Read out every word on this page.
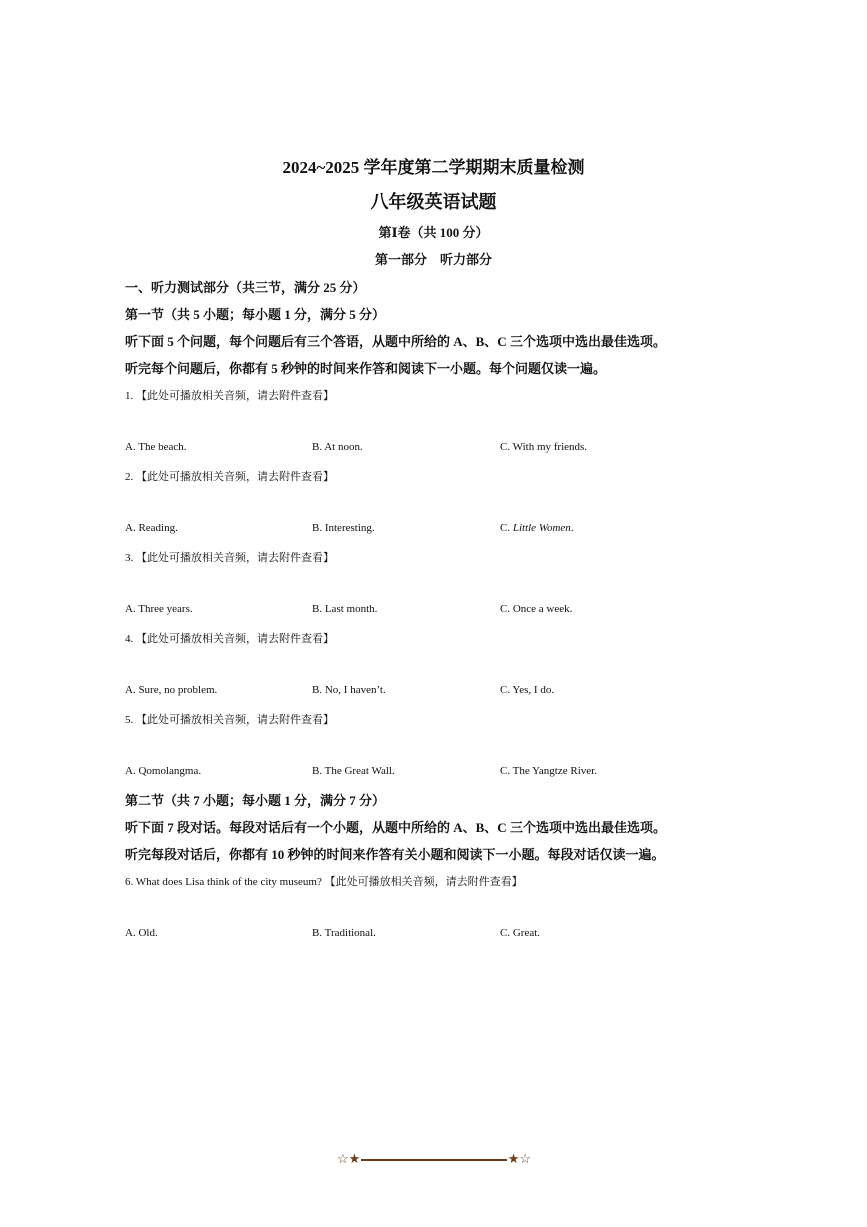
2024~2025 学年度第二学期期末质量检测
八年级英语试题
第Ⅰ卷（共 100 分）
第一部分　听力部分
一、听力测试部分（共三节，满分 25 分）
第一节（共 5 小题；每小题 1 分，满分 5 分）
听下面 5 个问题，每个问题后有三个答语，从题中所给的 A、B、C 三个选项中选出最佳选项。
听完每个问题后，你都有 5 秒钟的时间来作答和阅读下一小题。每个问题仅读一遍。
1. 【此处可播放相关音频，请去附件查看】
A. The beach.	B. At noon.	C. With my friends.
2. 【此处可播放相关音频，请去附件查看】
A. Reading.	B. Interesting.	C. Little Women.
3. 【此处可播放相关音频，请去附件查看】
A. Three years.	B. Last month.	C. Once a week.
4. 【此处可播放相关音频，请去附件查看】
A. Sure, no problem.	B. No, I haven’t.	C. Yes, I do.
5. 【此处可播放相关音频，请去附件查看】
A. Qomolangma.	B. The Great Wall.	C. The Yangtze River.
第二节（共 7 小题；每小题 1 分，满分 7 分）
听下面 7 段对话。每段对话后有一个小题，从题中所给的 A、B、C 三个选项中选出最佳选项。
听完每段对话后，你都有 10 秒钟的时间来作答有关小题和阅读下一小题。每段对话仅读一遍。
6. What does Lisa think of the city museum? 【此处可播放相关音频，请去附件查看】
A. Old.	B. Traditional.	C. Great.
☆★	★☆
